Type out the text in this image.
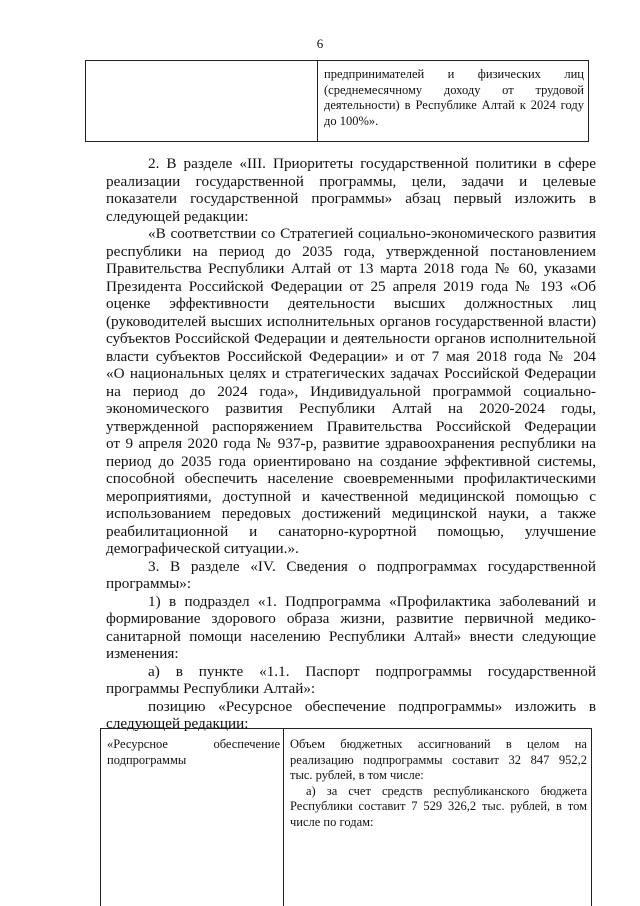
6
предпринимателей и физических лиц
(среднемесячному доходу от трудовой
деятельности) в Республике Алтай к 2024 году
до 100%».
2. В разделе «III. Приоритеты государственной политики в сфере
реализации государственной программы, цели, задачи и целевые
показатели государственной программы» абзац первый изложить в
следующей редакции:
«В соответствии со Стратегией социально-экономического развития
республики на период до 2035 года, утвержденной постановлением
Правительства Республики Алтай от 13 марта 2018 года № 60, указами
Президента Российской Федерации от 25 апреля 2019 года № 193 «Об
оценке эффективности деятельности высших должностных лиц
(руководителей высших исполнительных органов государственной власти)
субъектов Российской Федерации и деятельности органов исполнительной
власти субъектов Российской Федерации» и от 7 мая 2018 года № 204
«О национальных целях и стратегических задачах Российской Федерации
на период до 2024 года», Индивидуальной программой социально-
экономического развития Республики Алтай на 2020-2024 годы,
утвержденной распоряжением Правительства Российской Федерации
от 9 апреля 2020 года № 937-р, развитие здравоохранения республики на
период до 2035 года ориентировано на создание эффективной системы,
способной обеспечить население своевременными профилактическими
мероприятиями, доступной и качественной медицинской помощью с
использованием передовых достижений медицинской науки, а также
реабилитационной и санаторно-курортной помощью, улучшение
демографической ситуации.».
3. В разделе «IV. Сведения о подпрограммах государственной
программы»:
1) в подраздел «1. Подпрограмма «Профилактика заболеваний и
формирование здорового образа жизни, развитие первичной медико-
санитарной помощи населению Республики Алтай» внести следующие
изменения:
а) в пункте «1.1. Паспорт подпрограммы государственной
программы Республики Алтай»:
позицию «Ресурсное обеспечение подпрограммы» изложить в
следующей редакции:
«Ресурсное обеспечение
подпрограммы
Объем бюджетных ассигнований в целом на
реализацию подпрограммы составит 32 847 952,2
тыс. рублей, в том числе:
а) за счет средств республиканского бюджета
Республики составит 7 529 326,2 тыс. рублей, в том
числе по годам:
